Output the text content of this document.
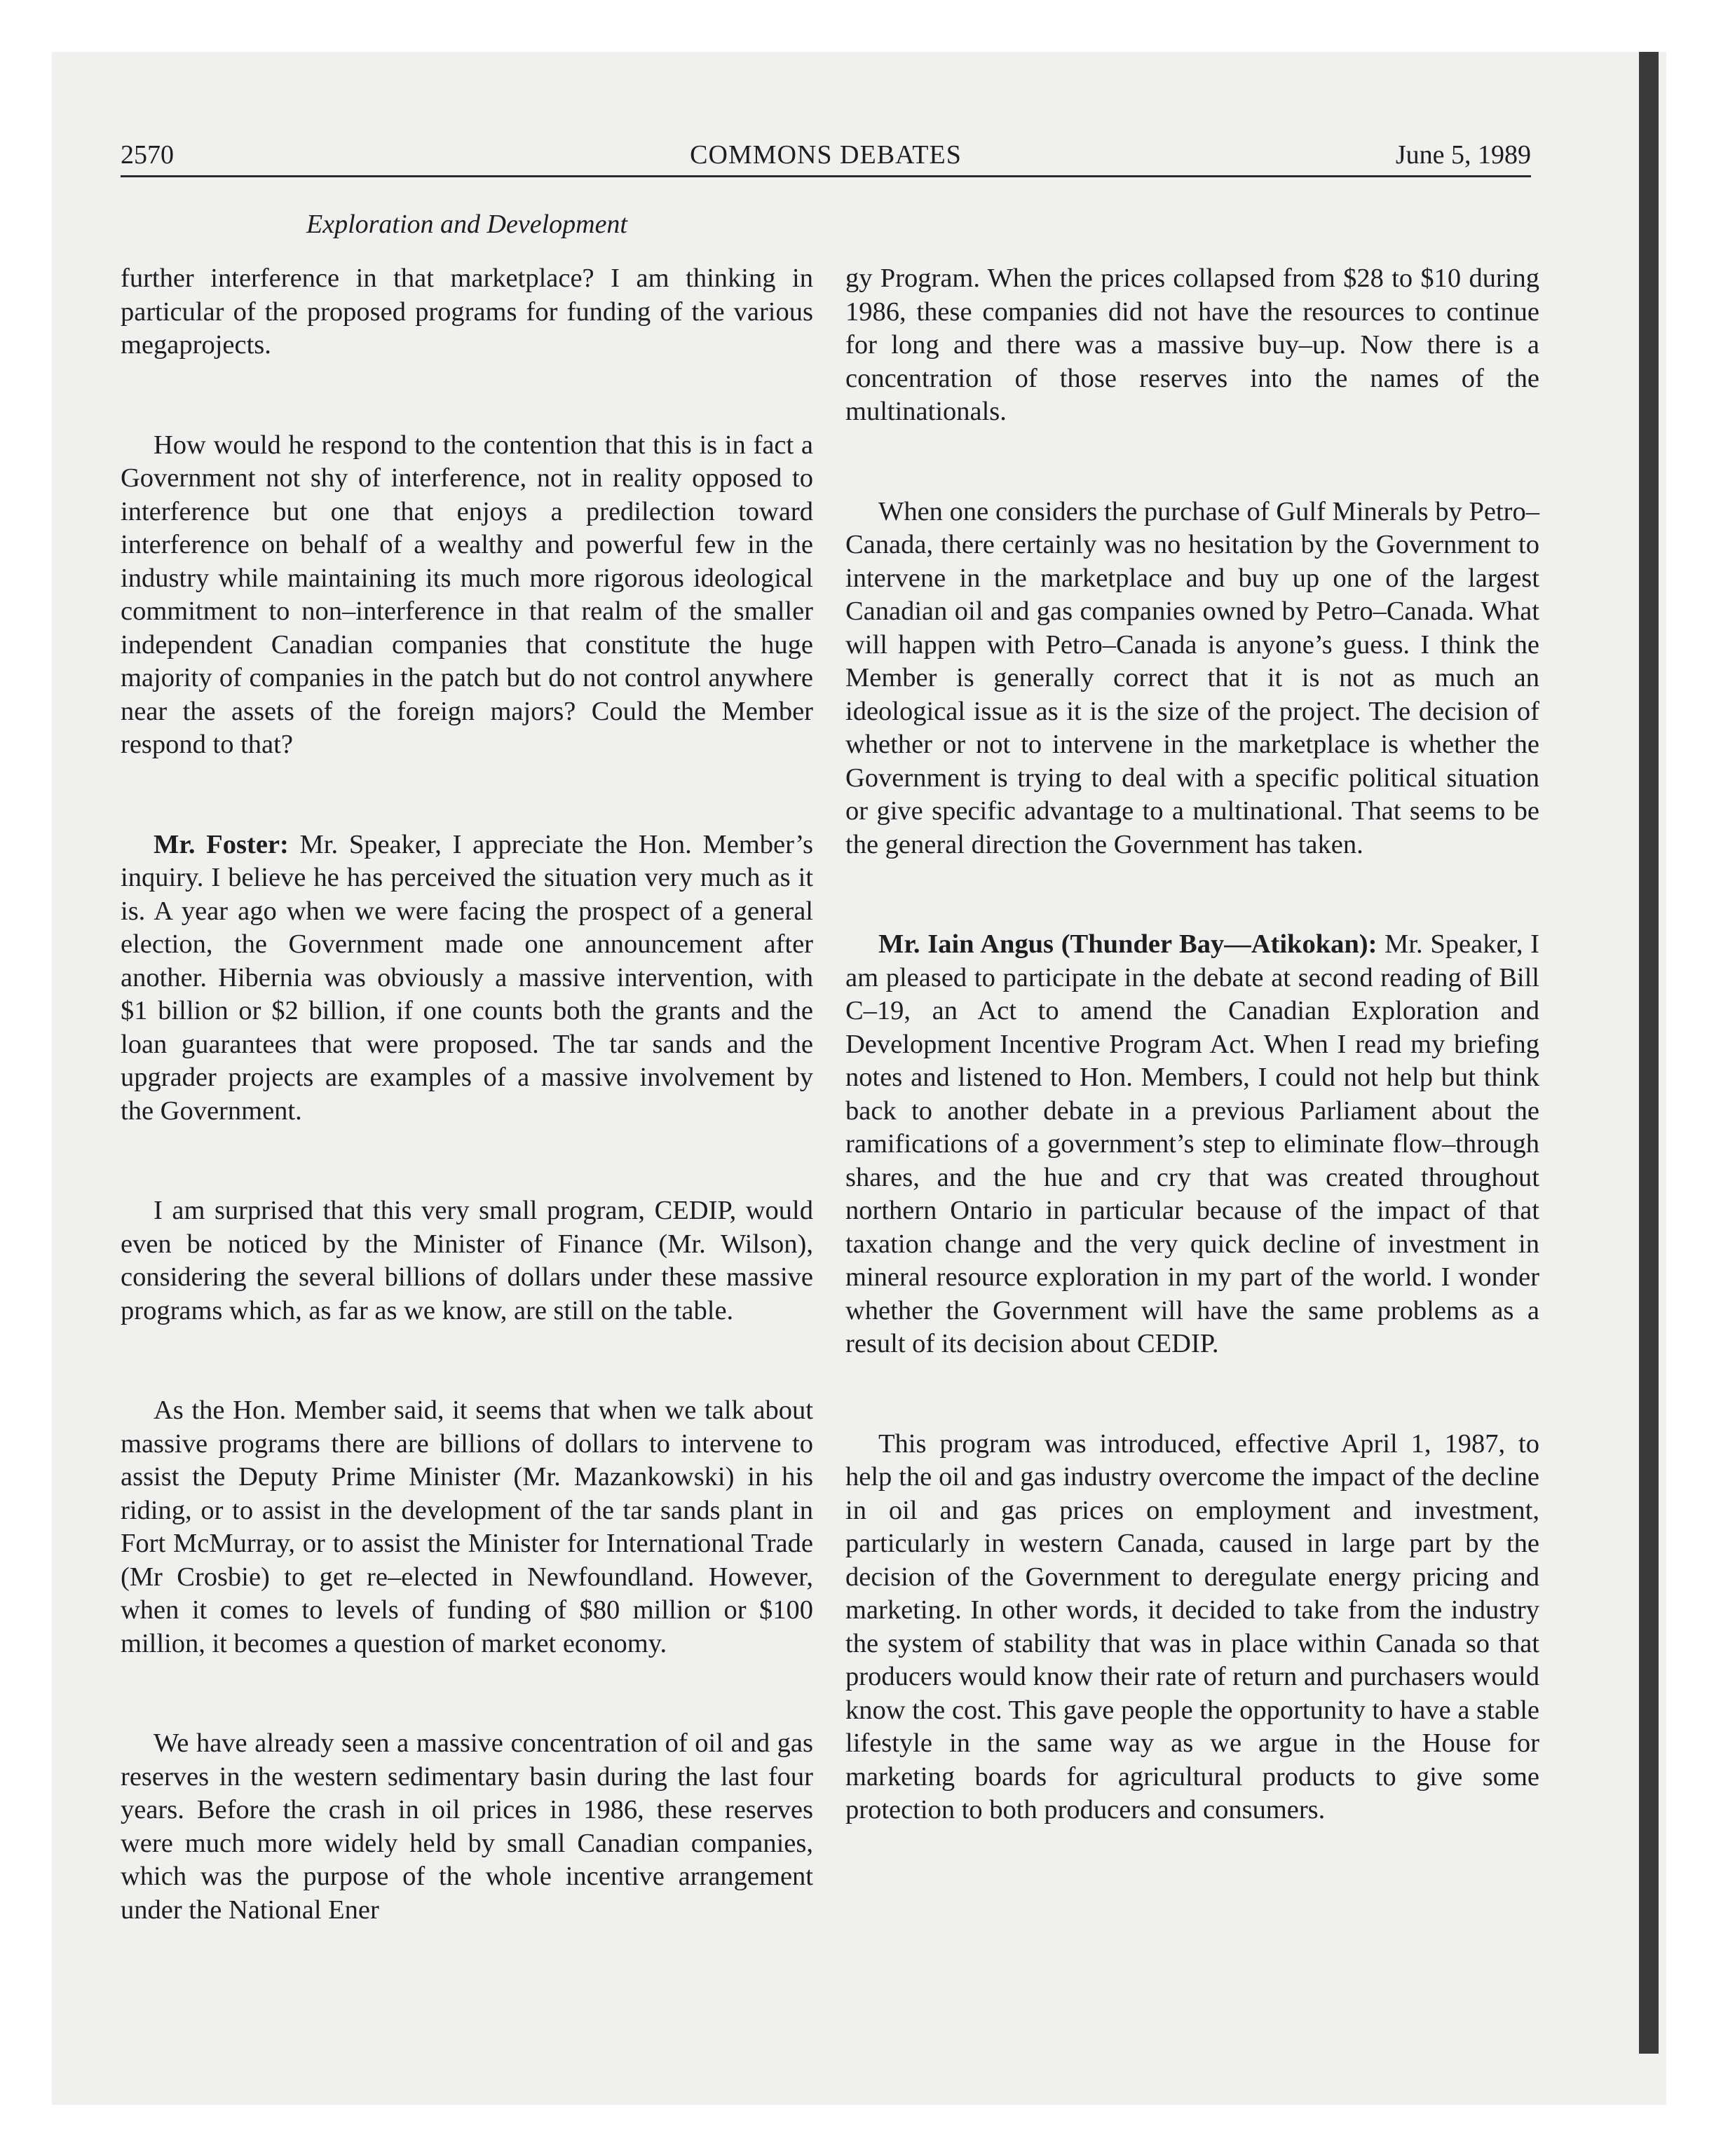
2570	COMMONS DEBATES	June 5, 1989
Exploration and Development

further interference in that marketplace? I am thinking in particular of the proposed programs for funding of the various megaprojects.

How would he respond to the contention that this is in fact a Government not shy of interference, not in reality opposed to interference but one that enjoys a predilection toward interference on behalf of a wealthy and powerful few in the industry while maintaining its much more rigorous ideological commitment to non–interference in that realm of the smaller independent Canadian companies that constitute the huge majority of companies in the patch but do not control anywhere near the assets of the foreign majors? Could the Member respond to that?

Mr. Foster: Mr. Speaker, I appreciate the Hon. Member’s inquiry. I believe he has perceived the situation very much as it is. A year ago when we were facing the prospect of a general election, the Government made one announcement after another. Hibernia was obviously a massive intervention, with $1 billion or $2 billion, if one counts both the grants and the loan guarantees that were proposed. The tar sands and the upgrader projects are examples of a massive involvement by the Government.

I am surprised that this very small program, CEDIP, would even be noticed by the Minister of Finance (Mr. Wilson), considering the several billions of dollars under these massive programs which, as far as we know, are still on the table.

As the Hon. Member said, it seems that when we talk about massive programs there are billions of dollars to intervene to assist the Deputy Prime Minister (Mr. Mazankowski) in his riding, or to assist in the development of the tar sands plant in Fort McMurray, or to assist the Minister for International Trade (Mr Crosbie) to get re–elected in Newfoundland. However, when it comes to levels of funding of $80 million or $100 million, it becomes a question of market economy.

We have already seen a massive concentration of oil and gas reserves in the western sedimentary basin during the last four years. Before the crash in oil prices in 1986, these reserves were much more widely held by small Canadian companies, which was the purpose of the whole incentive arrangement under the National Ener

gy Program. When the prices collapsed from $28 to $10 during 1986, these companies did not have the resources to continue for long and there was a massive buy–up. Now there is a concentration of those reserves into the names of the multinationals.

When one considers the purchase of Gulf Minerals by Petro–Canada, there certainly was no hesitation by the Government to intervene in the marketplace and buy up one of the largest Canadian oil and gas companies owned by Petro–Canada. What will happen with Petro–Canada is anyone’s guess. I think the Member is generally correct that it is not as much an ideological issue as it is the size of the project. The decision of whether or not to intervene in the marketplace is whether the Government is trying to deal with a specific political situation or give specific advantage to a multinational. That seems to be the general direction the Government has taken.

Mr. Iain Angus (Thunder Bay—Atikokan): Mr. Speaker, I am pleased to participate in the debate at second reading of Bill C–19, an Act to amend the Canadian Exploration and Development Incentive Program Act. When I read my briefing notes and listened to Hon. Members, I could not help but think back to another debate in a previous Parliament about the ramifications of a government’s step to eliminate flow–through shares, and the hue and cry that was created throughout northern Ontario in particular because of the impact of that taxation change and the very quick decline of investment in mineral resource exploration in my part of the world. I wonder whether the Government will have the same problems as a result of its decision about CEDIP.

This program was introduced, effective April 1, 1987, to help the oil and gas industry overcome the impact of the decline in oil and gas prices on employment and investment, particularly in western Canada, caused in large part by the decision of the Government to deregulate energy pricing and marketing. In other words, it decided to take from the industry the system of stability that was in place within Canada so that producers would know their rate of return and purchasers would know the cost. This gave people the opportunity to have a stable lifestyle in the same way as we argue in the House for marketing boards for agricultural products to give some protection to both producers and consumers.
